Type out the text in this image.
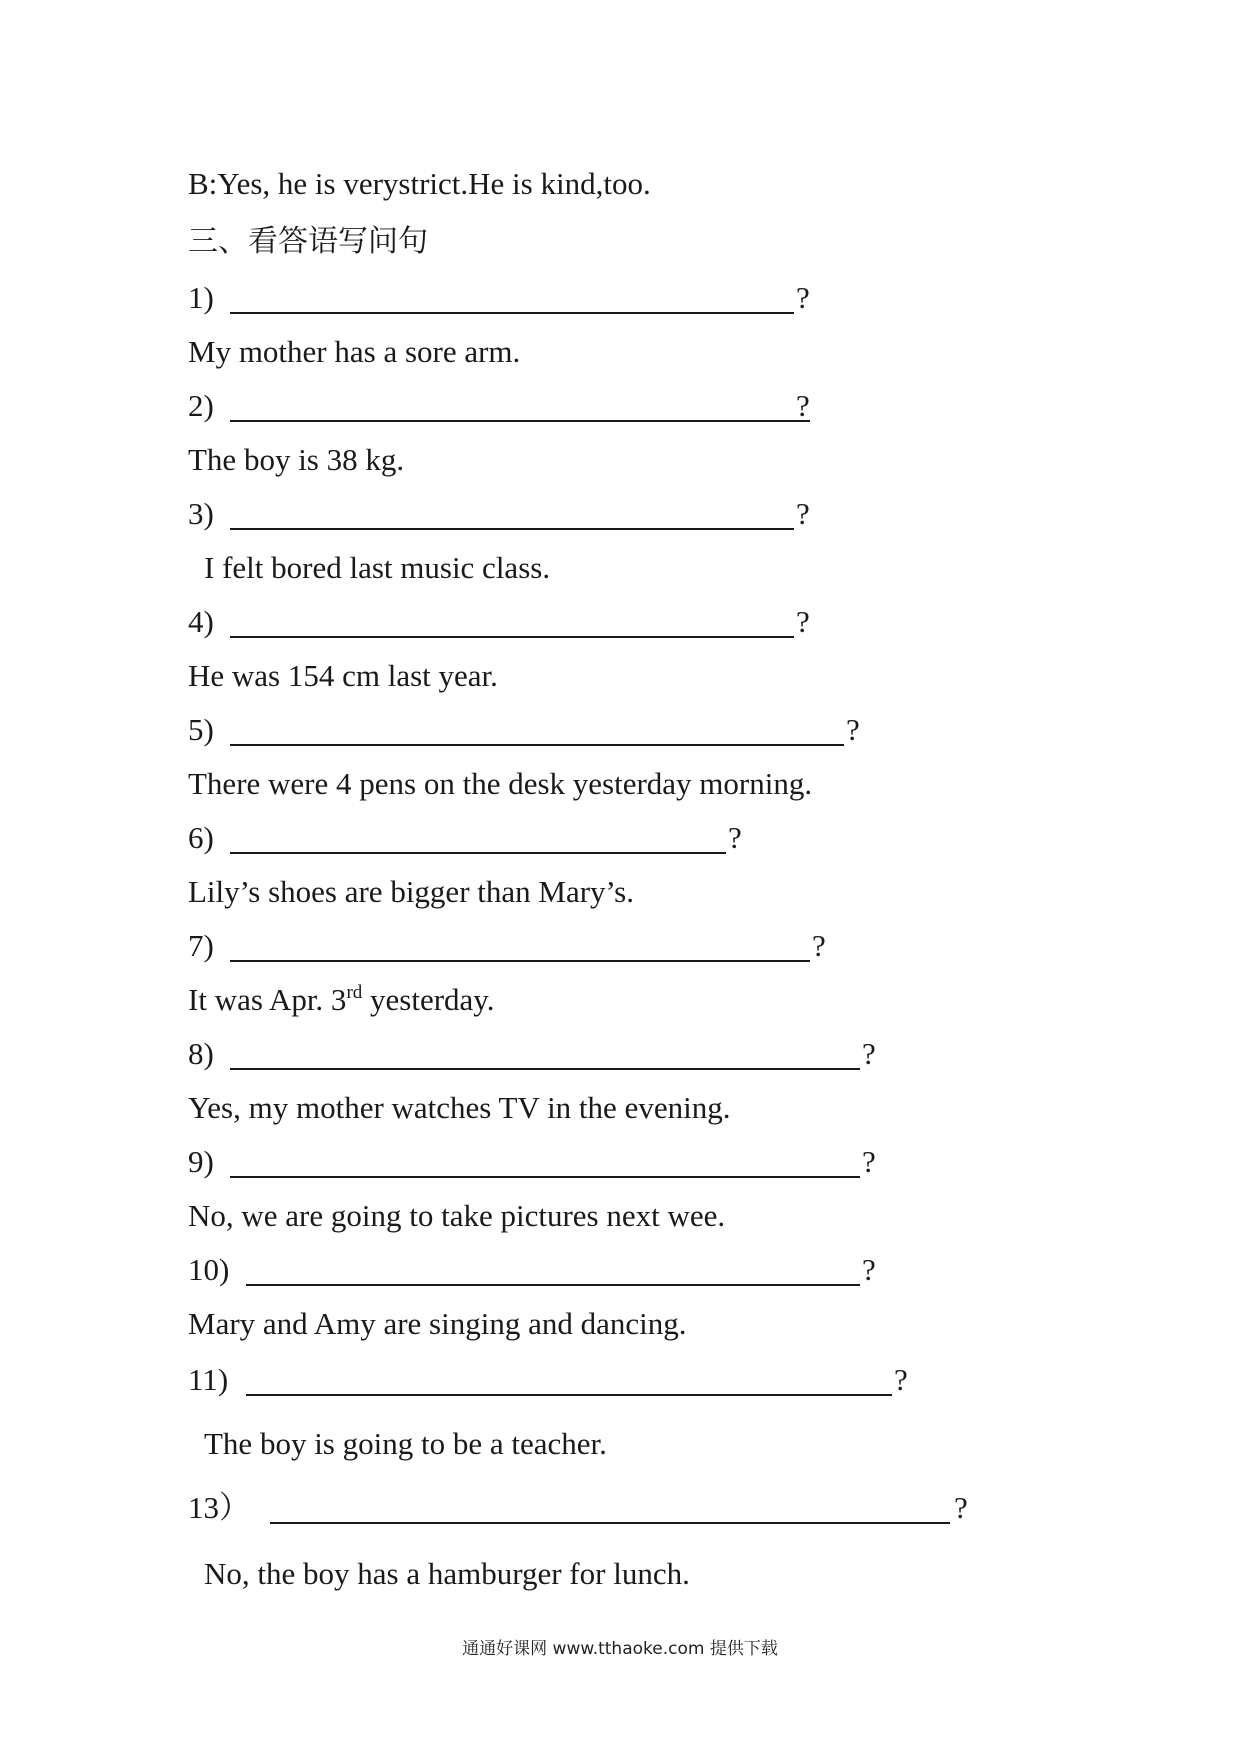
B:Yes, he is verystrict.He is kind,too.
三、看答语写问句
1)	?
My mother has a sore arm.
2)	?
The boy is 38 kg.
3)	?
I felt bored last music class.
4)	?
He was 154 cm last year.
5)	?
There were 4 pens on the desk yesterday morning.
6)	?
Lily’s shoes are bigger than Mary’s.
7)	?
It was Apr. 3rd yesterday.
8)	?
Yes, my mother watches TV in the evening.
9)	?
No, we are going to take pictures next wee.
10)	?
Mary and Amy are singing and dancing.
11)	?
The boy is going to be a teacher.
13）	?
No, the boy has a hamburger for lunch.
通通好课网 www.tthaoke.com 提供下载
